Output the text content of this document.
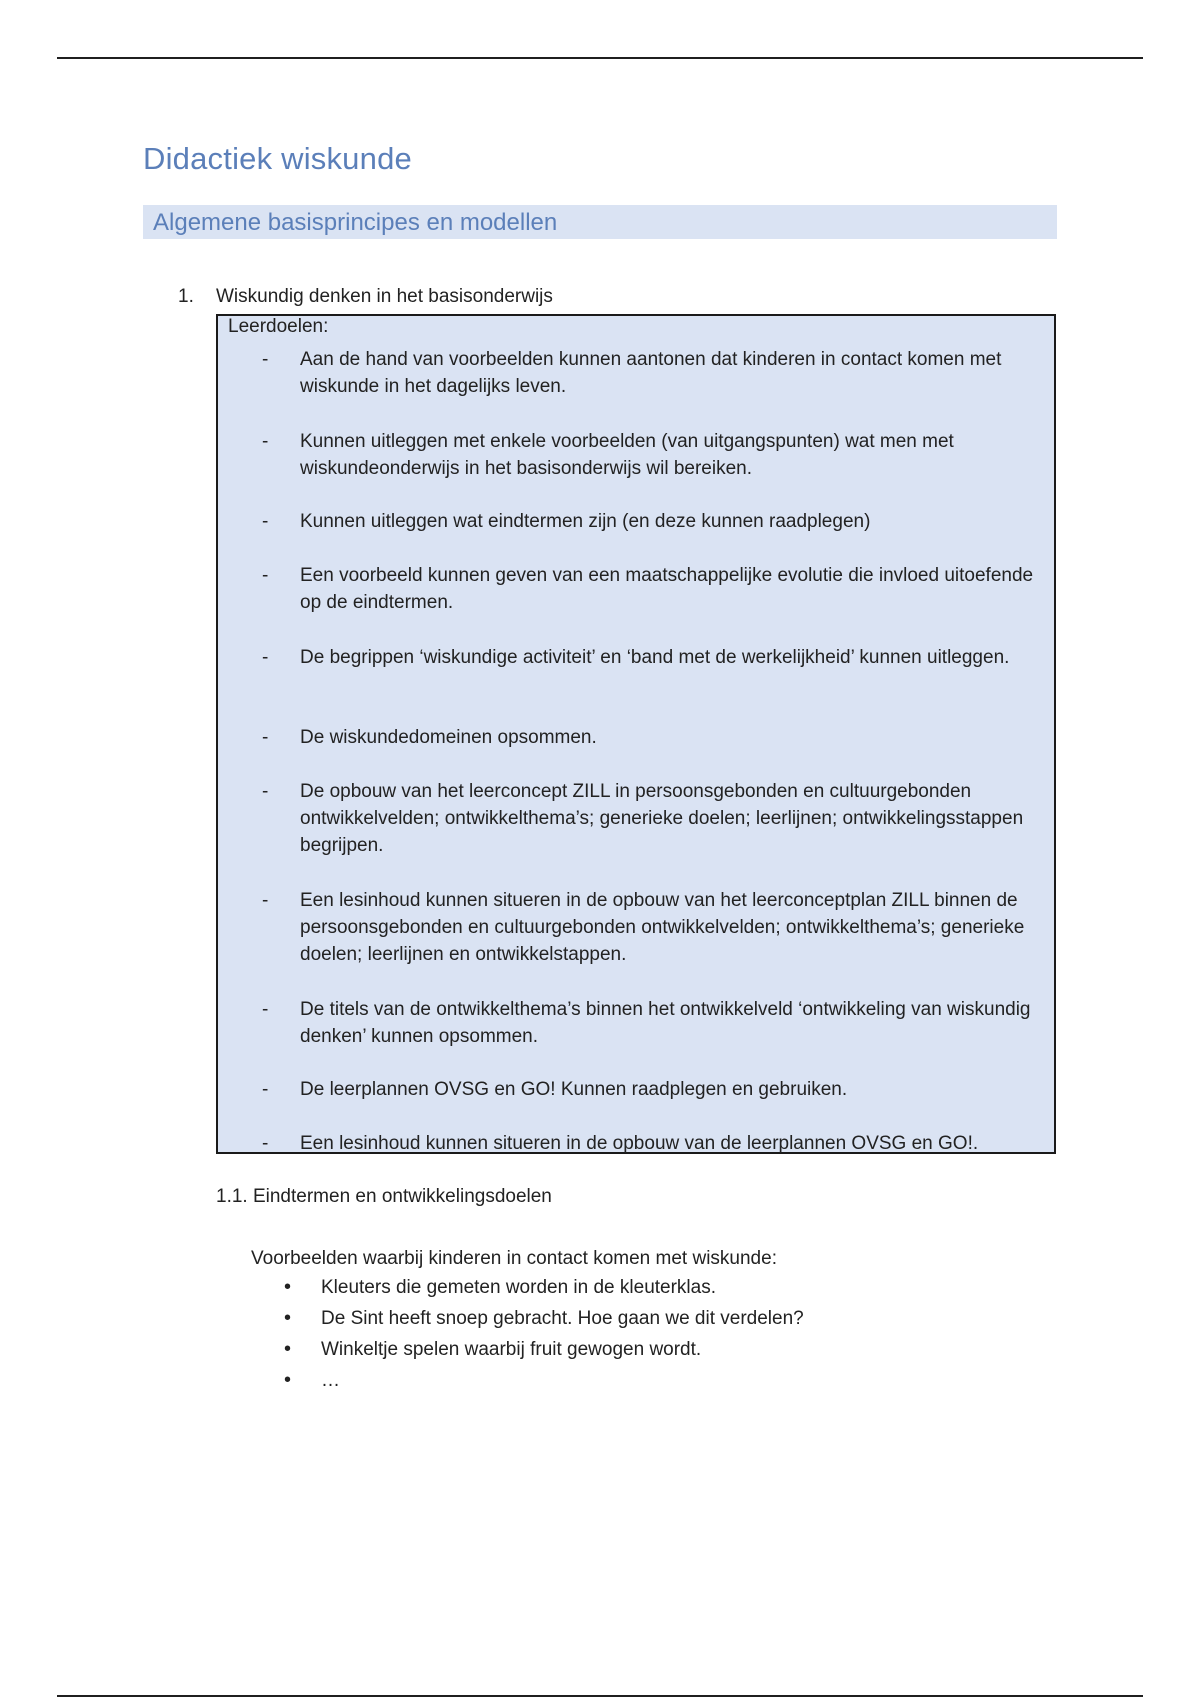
Didactiek wiskunde
Algemene basisprincipes en modellen
1. Wiskundig denken in het basisonderwijs
Leerdoelen:
- Aan de hand van voorbeelden kunnen aantonen dat kinderen in contact komen met wiskunde in het dagelijks leven.
- Kunnen uitleggen met enkele voorbeelden (van uitgangspunten) wat men met wiskundeonderwijs in het basisonderwijs wil bereiken.
- Kunnen uitleggen wat eindtermen zijn (en deze kunnen raadplegen)
- Een voorbeeld kunnen geven van een maatschappelijke evolutie die invloed uitoefende op de eindtermen.
- De begrippen ‘wiskundige activiteit’ en ‘band met de werkelijkheid’ kunnen uitleggen.
- De wiskundedomeinen opsommen.
- De opbouw van het leerconcept ZILL in persoonsgebonden en cultuurgebonden ontwikkelvelden; ontwikkelthema’s; generieke doelen; leerlijnen; ontwikkelingsstappen begrijpen.
- Een lesinhoud kunnen situeren in de opbouw van het leerconceptplan ZILL binnen de persoonsgebonden en cultuurgebonden ontwikkelvelden; ontwikkelthema’s; generieke doelen; leerlijnen en ontwikkelstappen.
- De titels van de ontwikkelthema’s binnen het ontwikkelveld ‘ontwikkeling van wiskundig denken’ kunnen opsommen.
- De leerplannen OVSG en GO! Kunnen raadplegen en gebruiken.
- Een lesinhoud kunnen situeren in de opbouw van de leerplannen OVSG en GO!.
1.1. Eindtermen en ontwikkelingsdoelen
Voorbeelden waarbij kinderen in contact komen met wiskunde:
• Kleuters die gemeten worden in de kleuterklas.
• De Sint heeft snoep gebracht. Hoe gaan we dit verdelen?
• Winkeltje spelen waarbij fruit gewogen wordt.
• …
